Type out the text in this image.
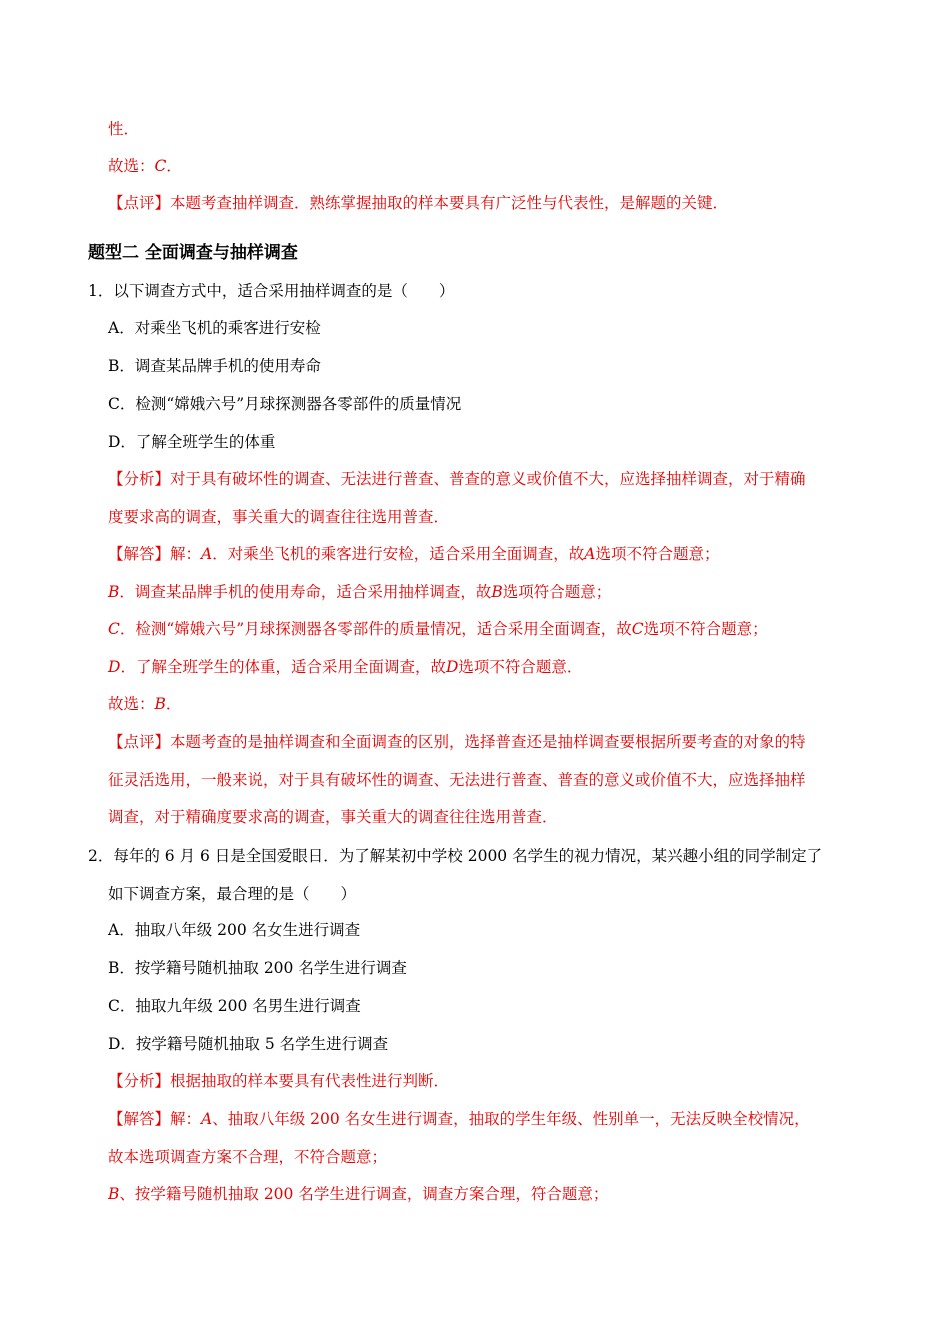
性．
故选：C．
【点评】本题考查抽样调查．熟练掌握抽取的样本要具有广泛性与代表性，是解题的关键．
题型二 全面调查与抽样调查
1．以下调查方式中，适合采用抽样调查的是（　　）
A．对乘坐飞机的乘客进行安检
B．调查某品牌手机的使用寿命
C．检测“嫦娥六号”月球探测器各零部件的质量情况
D．了解全班学生的体重
【分析】对于具有破坏性的调查、无法进行普查、普查的意义或价值不大，应选择抽样调查，对于精确
度要求高的调查，事关重大的调查往往选用普查．
【解答】解：A．对乘坐飞机的乘客进行安检，适合采用全面调查，故A选项不符合题意；
B．调查某品牌手机的使用寿命，适合采用抽样调查，故B选项符合题意；
C．检测“嫦娥六号”月球探测器各零部件的质量情况，适合采用全面调查，故C选项不符合题意；
D．了解全班学生的体重，适合采用全面调查，故D选项不符合题意．
故选：B．
【点评】本题考查的是抽样调查和全面调查的区别，选择普查还是抽样调查要根据所要考查的对象的特
征灵活选用，一般来说，对于具有破坏性的调查、无法进行普查、普查的意义或价值不大，应选择抽样
调查，对于精确度要求高的调查，事关重大的调查往往选用普查．
2．每年的 6 月 6 日是全国爱眼日．为了解某初中学校 2000 名学生的视力情况，某兴趣小组的同学制定了
如下调查方案，最合理的是（　　）
A．抽取八年级 200 名女生进行调查
B．按学籍号随机抽取 200 名学生进行调查
C．抽取九年级 200 名男生进行调查
D．按学籍号随机抽取 5 名学生进行调查
【分析】根据抽取的样本要具有代表性进行判断．
【解答】解：A、抽取八年级 200 名女生进行调查，抽取的学生年级、性别单一，无法反映全校情况，
故本选项调查方案不合理，不符合题意；
B、按学籍号随机抽取 200 名学生进行调查，调查方案合理，符合题意；
